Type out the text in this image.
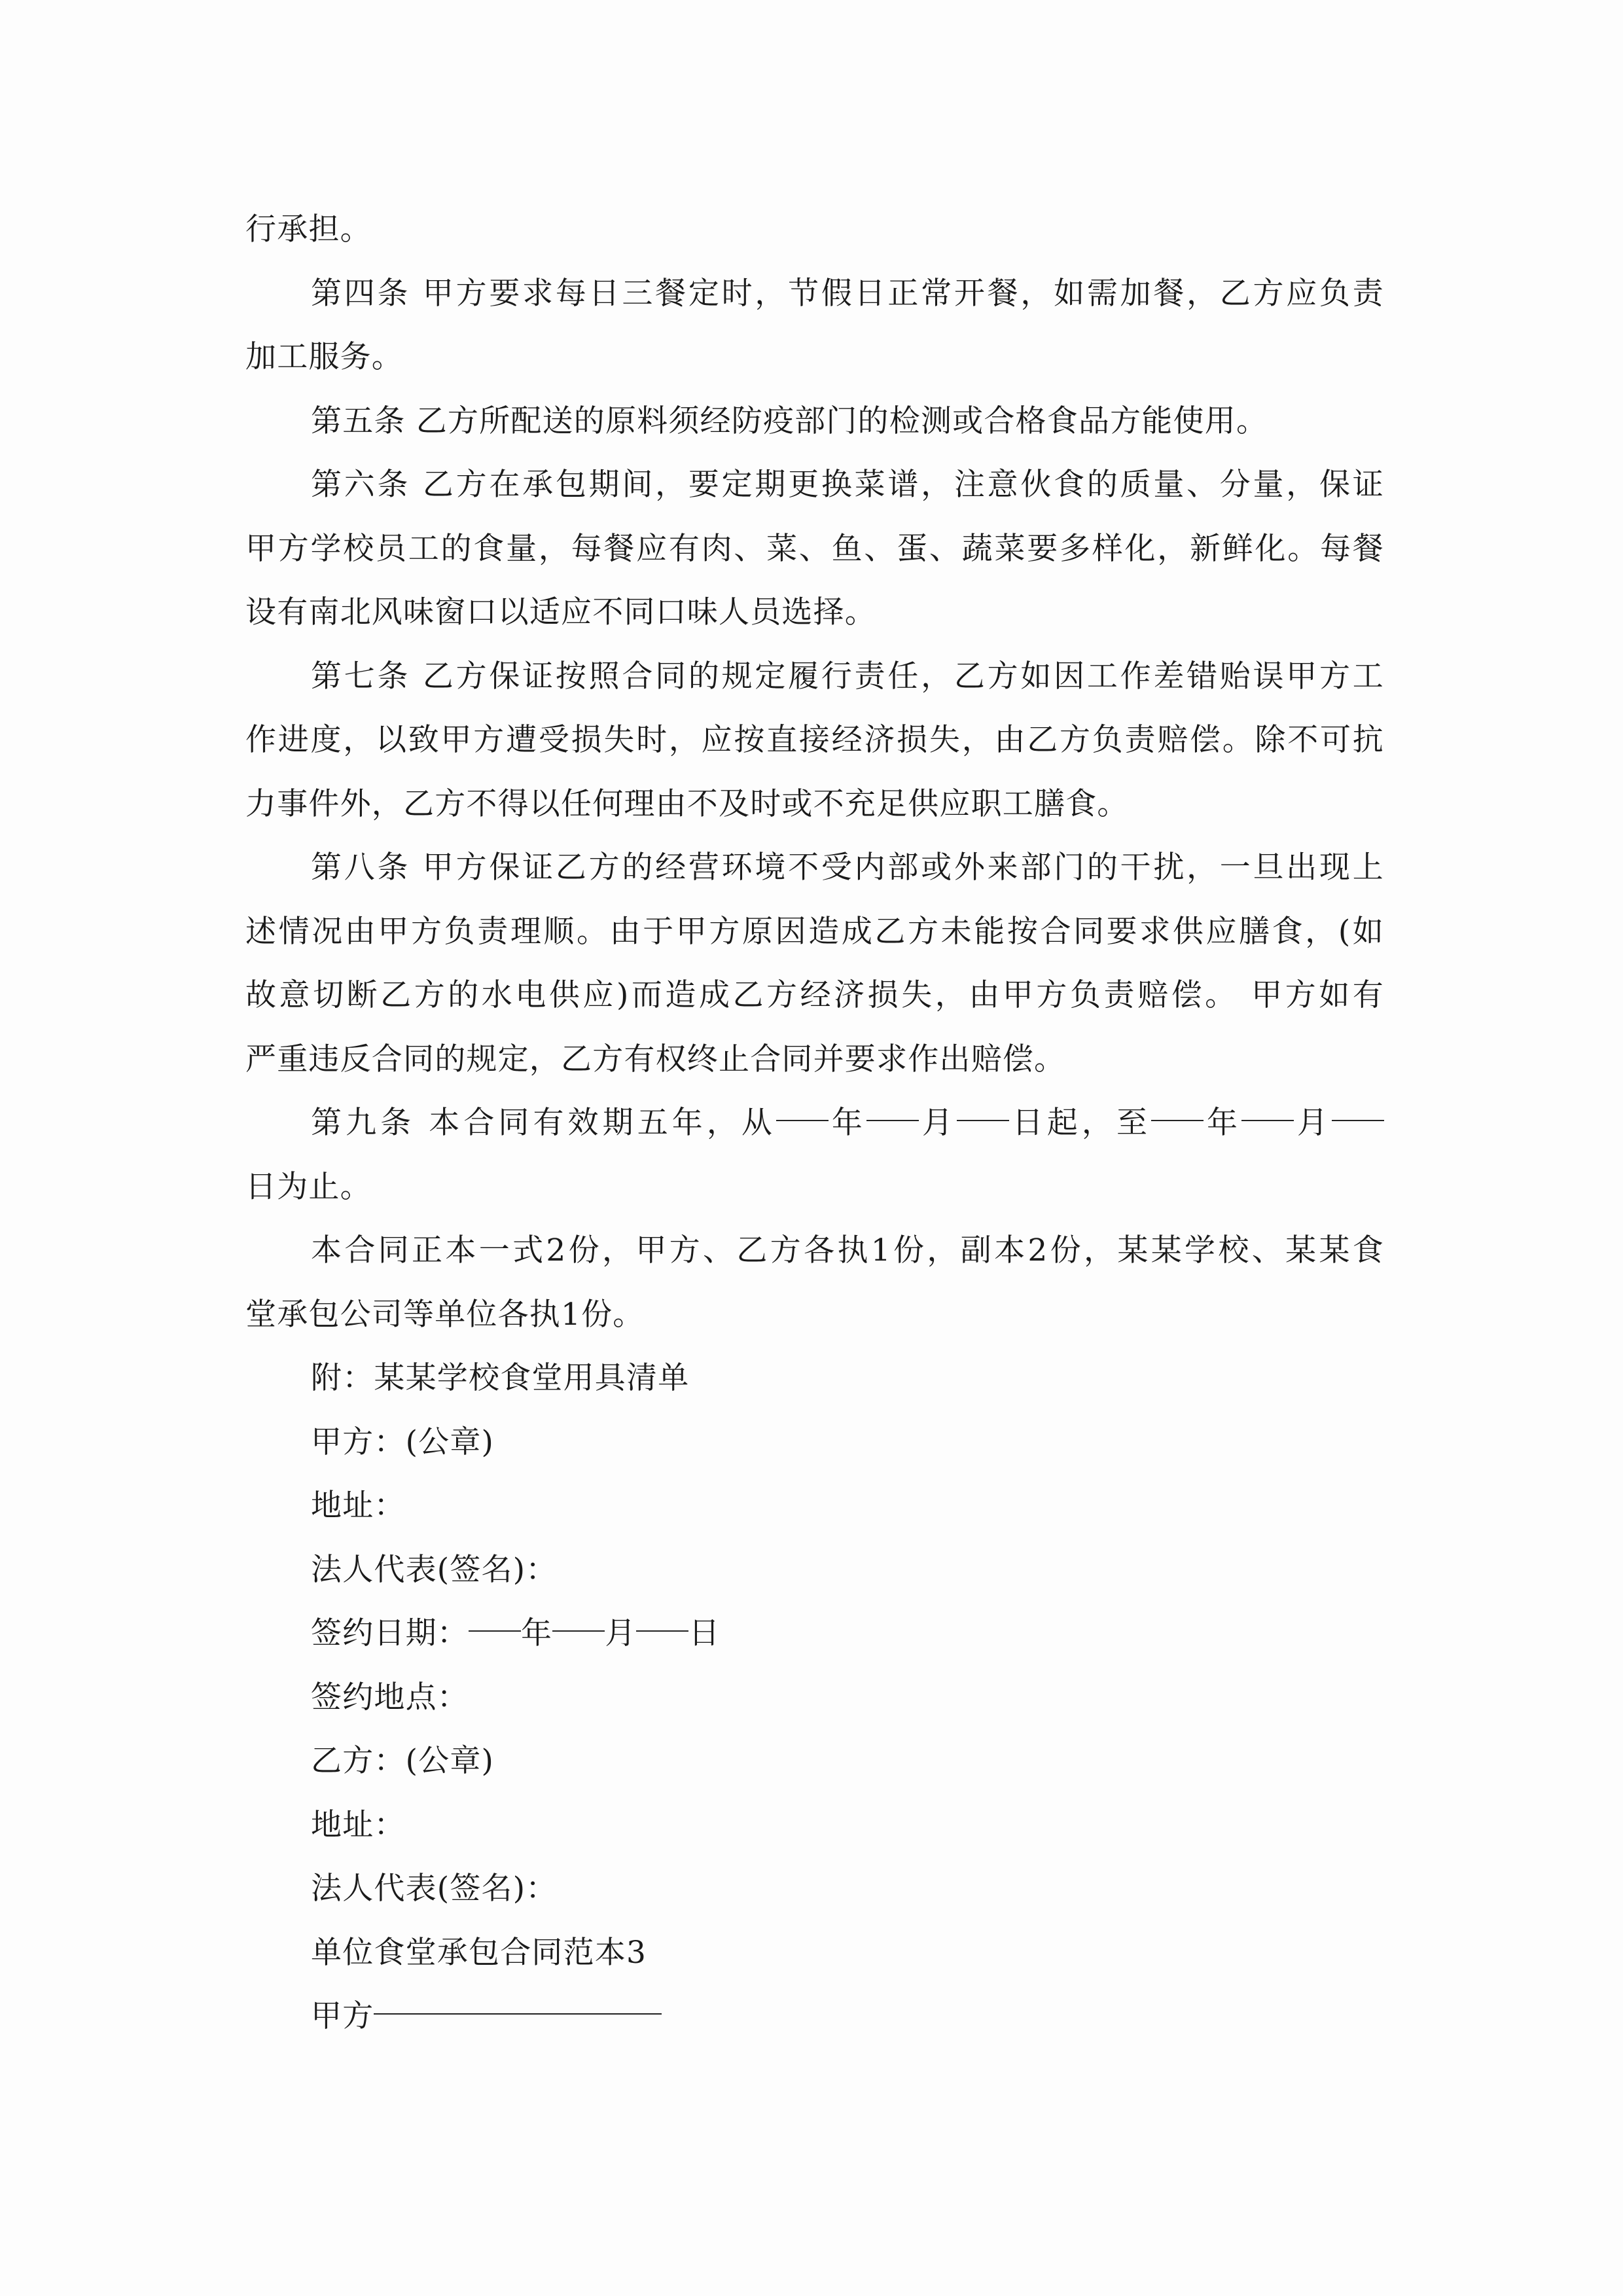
行承担。
第四条 甲方要求每日三餐定时，节假日正常开餐，如需加餐，乙方应负责
加工服务。
第五条 乙方所配送的原料须经防疫部门的检测或合格食品方能使用。
第六条 乙方在承包期间，要定期更换菜谱，注意伙食的质量、分量，保证
甲方学校员工的食量，每餐应有肉、菜、鱼、蛋、蔬菜要多样化，新鲜化。每餐
设有南北风味窗口以适应不同口味人员选择。
第七条 乙方保证按照合同的规定履行责任，乙方如因工作差错贻误甲方工
作进度，以致甲方遭受损失时，应按直接经济损失，由乙方负责赔偿。除不可抗
力事件外，乙方不得以任何理由不及时或不充足供应职工膳食。
第八条 甲方保证乙方的经营环境不受内部或外来部门的干扰，一旦出现上
述情况由甲方负责理顺。由于甲方原因造成乙方未能按合同要求供应膳食，(如
故意切断乙方的水电供应)而造成乙方经济损失，由甲方负责赔偿。 甲方如有
严重违反合同的规定，乙方有权终止合同并要求作出赔偿。
第九条 本合同有效期五年，从 年 月 日起，至 年 月
日为止。
本合同正本一式2份，甲方、乙方各执1份，副本2份，某某学校、某某食
堂承包公司等单位各执1份。
附：某某学校食堂用具清单
甲方：(公章)
地址：
法人代表(签名)：
签约日期： 年 月 日
签约地点：
乙方：(公章)
地址：
法人代表(签名)：
单位食堂承包合同范本3
甲方
